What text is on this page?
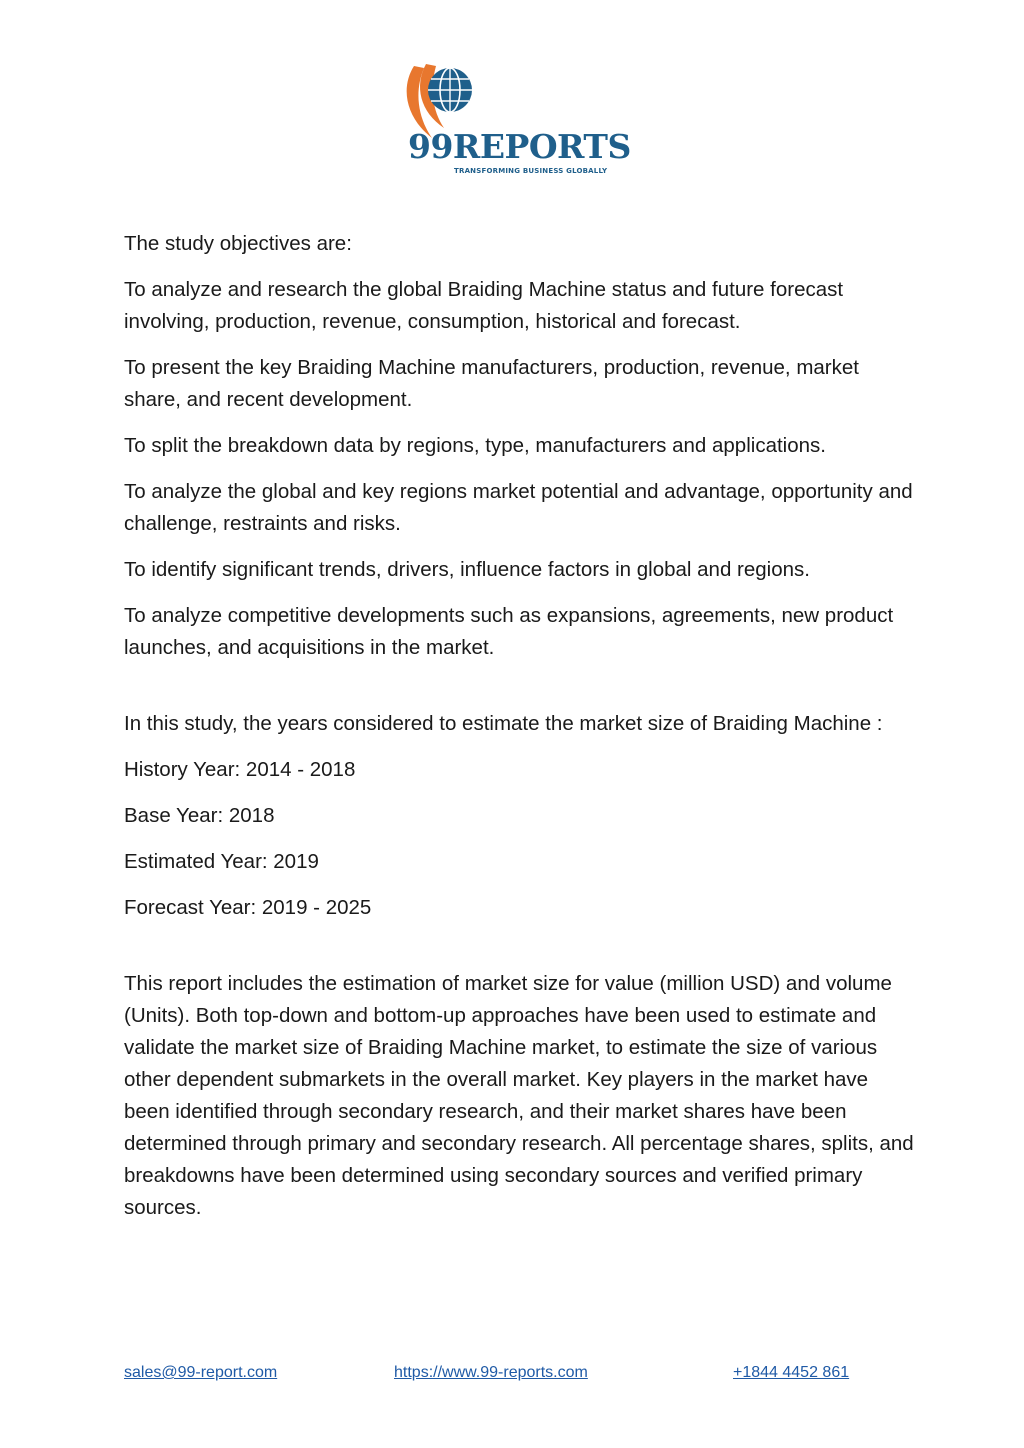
99REPORTS
TRANSFORMING BUSINESS GLOBALLY

The study objectives are:

To analyze and research the global Braiding Machine status and future forecast involving, production, revenue, consumption, historical and forecast.

To present the key Braiding Machine manufacturers, production, revenue, market share, and recent development.

To split the breakdown data by regions, type, manufacturers and applications.

To analyze the global and key regions market potential and advantage, opportunity and challenge, restraints and risks.

To identify significant trends, drivers, influence factors in global and regions.

To analyze competitive developments such as expansions, agreements, new product launches, and acquisitions in the market.

In this study, the years considered to estimate the market size of Braiding Machine :

History Year: 2014 - 2018

Base Year: 2018

Estimated Year: 2019

Forecast Year: 2019 - 2025

This report includes the estimation of market size for value (million USD) and volume (Units). Both top-down and bottom-up approaches have been used to estimate and validate the market size of Braiding Machine market, to estimate the size of various other dependent submarkets in the overall market. Key players in the market have been identified through secondary research, and their market shares have been determined through primary and secondary research. All percentage shares, splits, and breakdowns have been determined using secondary sources and verified primary sources.

sales@99-report.com	https://www.99-reports.com	+1844 4452 861
